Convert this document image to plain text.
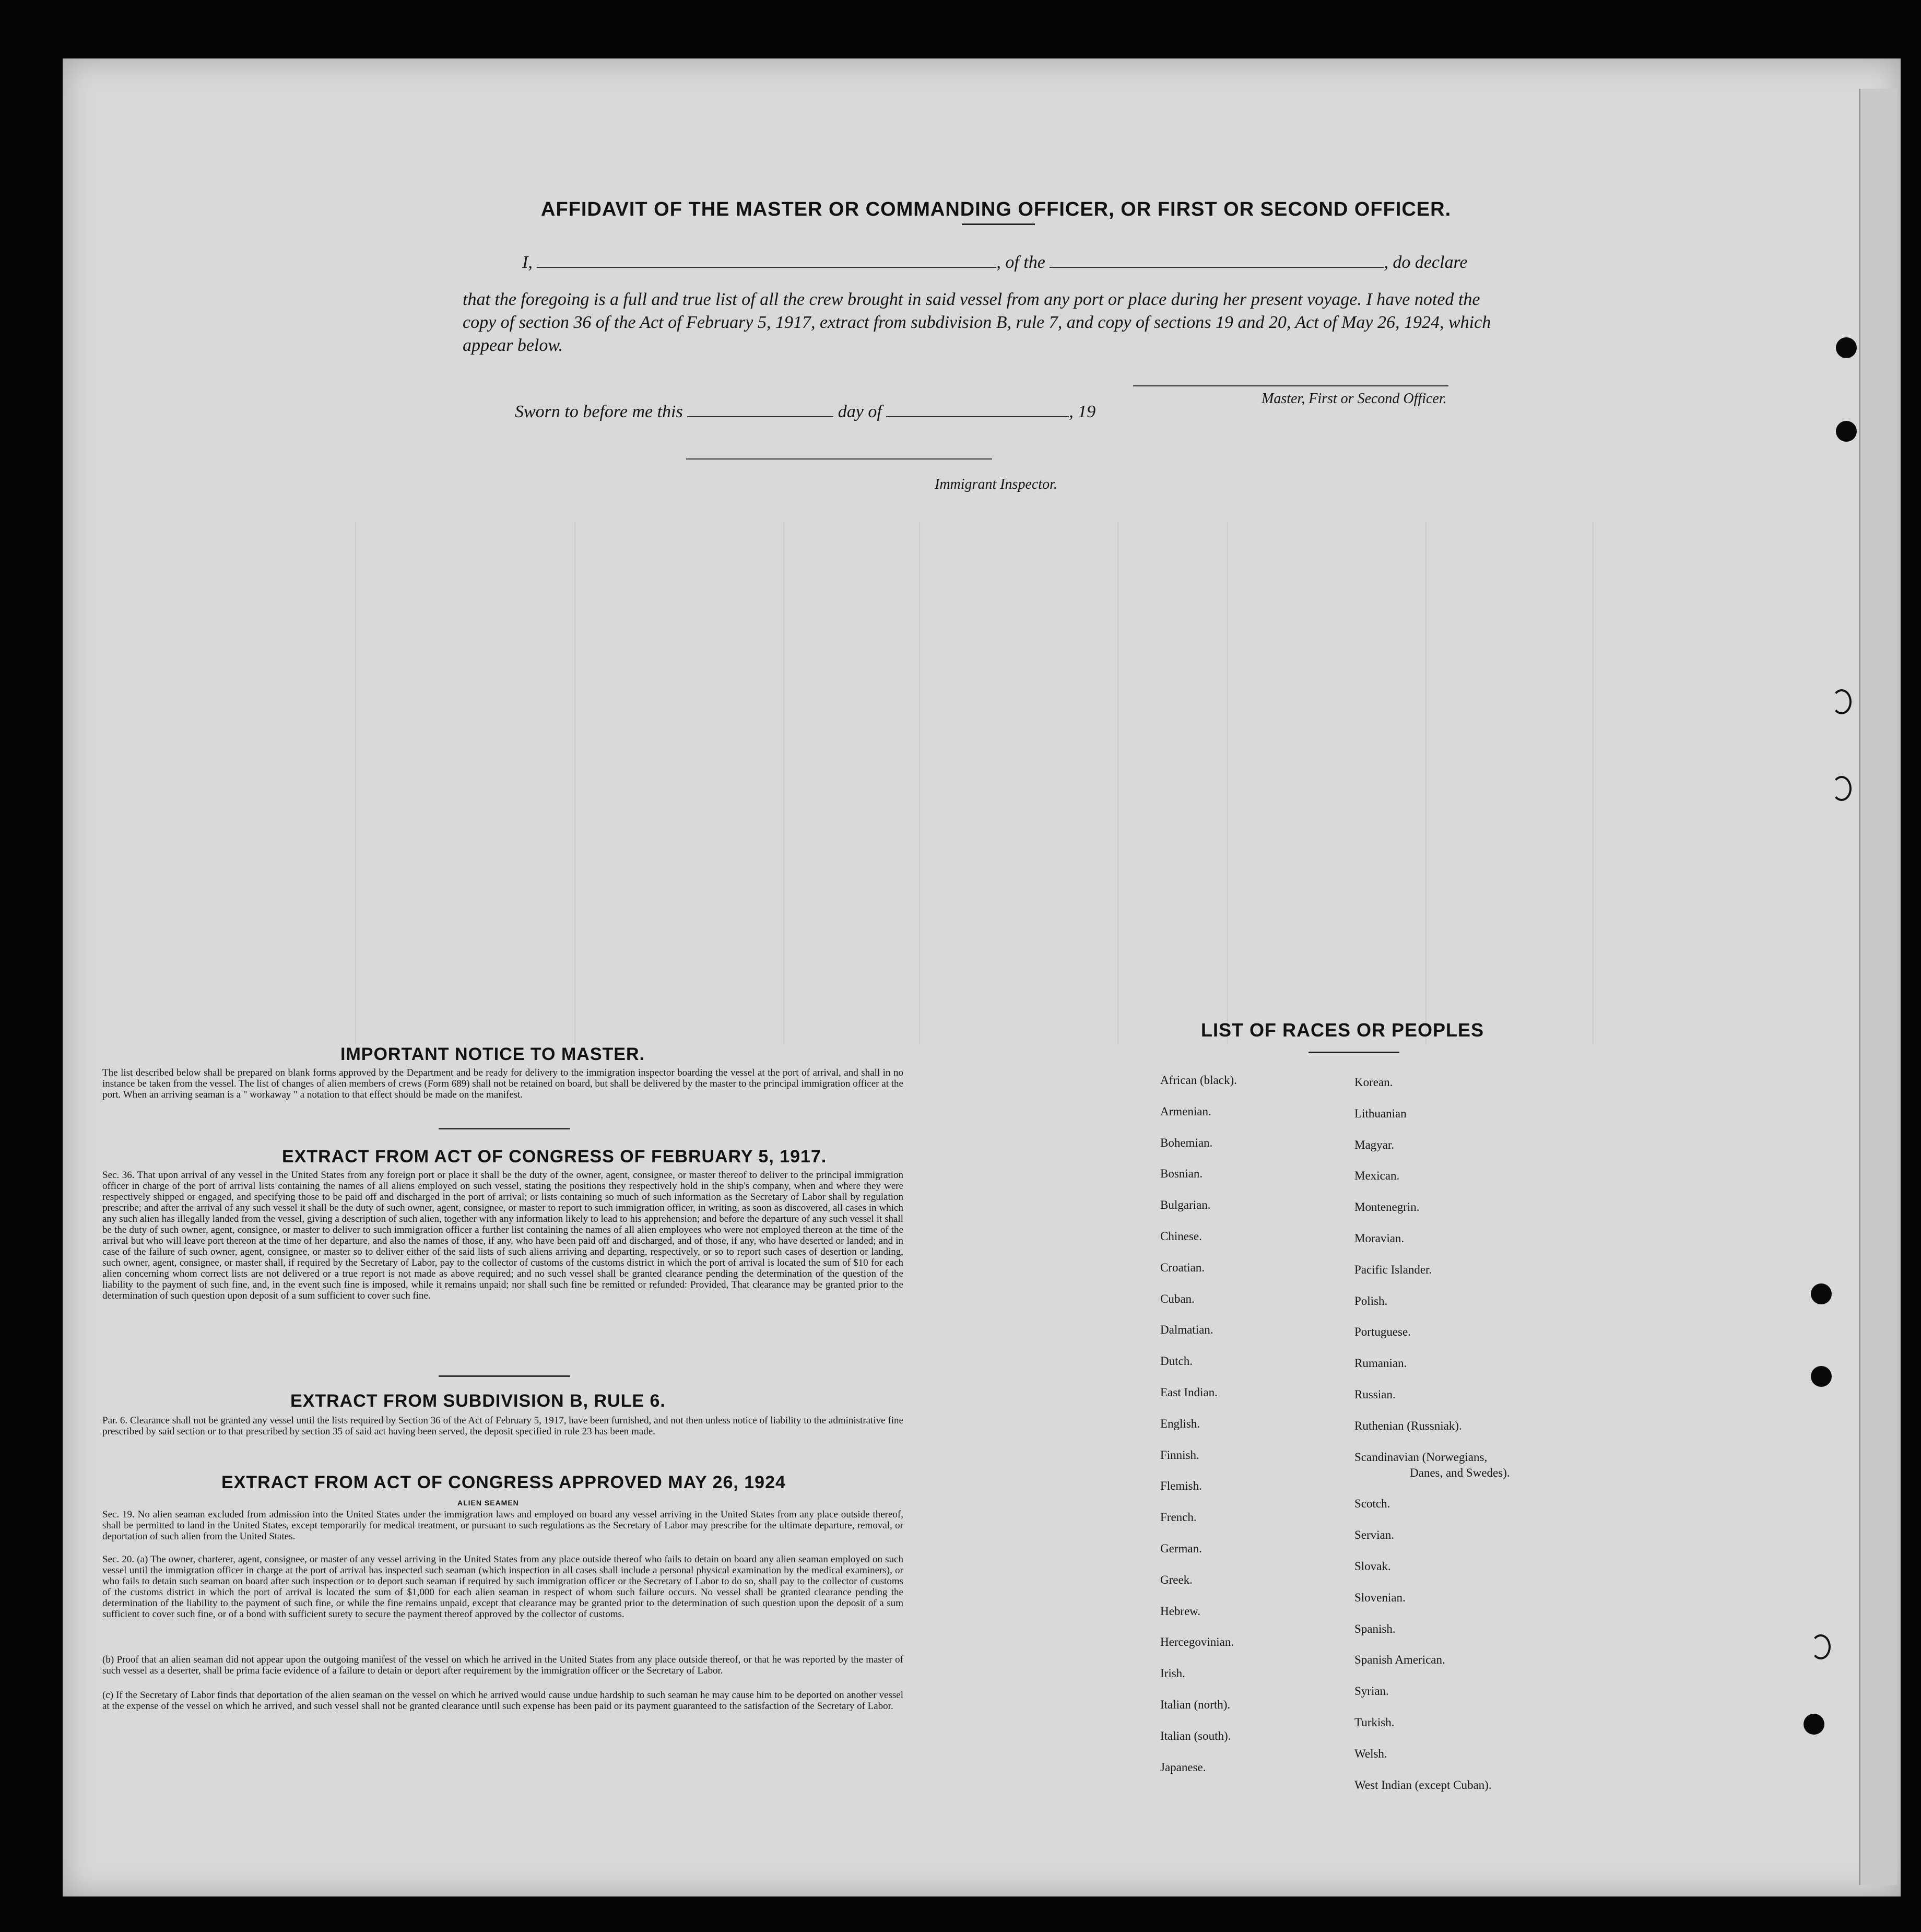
AFFIDAVIT OF THE MASTER OR COMMANDING OFFICER, OR FIRST OR SECOND OFFICER.
I,	, of the	, do declare
that the foregoing is a full and true list of all the crew brought in said vessel from any port or place during her present voyage. I have noted the copy of section 36 of the Act of February 5, 1917, extract from subdivision B, rule 7, and copy of sections 19 and 20, Act of May 26, 1924, which appear below.
Master, First or Second Officer.
Sworn to before me this	day of	, 19
Immigrant Inspector.
IMPORTANT NOTICE TO MASTER.
The list described below shall be prepared on blank forms approved by the Department and be ready for delivery to the immigration inspector boarding the vessel at the port of arrival, and shall in no instance be taken from the vessel. The list of changes of alien members of crews (Form 689) shall not be retained on board, but shall be delivered by the master to the principal immigration officer at the port. When an arriving seaman is a " workaway " a notation to that effect should be made on the manifest.
EXTRACT FROM ACT OF CONGRESS OF FEBRUARY 5, 1917.
Sec. 36. That upon arrival of any vessel in the United States from any foreign port or place it shall be the duty of the owner, agent, consignee, or master thereof to deliver to the principal immigration officer in charge of the port of arrival lists containing the names of all aliens employed on such vessel, stating the positions they respectively hold in the ship's company, when and where they were respectively shipped or engaged, and specifying those to be paid off and discharged in the port of arrival; or lists containing so much of such information as the Secretary of Labor shall by regulation prescribe; and after the arrival of any such vessel it shall be the duty of such owner, agent, consignee, or master to report to such immigration officer, in writing, as soon as discovered, all cases in which any such alien has illegally landed from the vessel, giving a description of such alien, together with any information likely to lead to his apprehension; and before the departure of any such vessel it shall be the duty of such owner, agent, consignee, or master to deliver to such immigration officer a further list containing the names of all alien employees who were not employed thereon at the time of the arrival but who will leave port thereon at the time of her departure, and also the names of those, if any, who have been paid off and discharged, and of those, if any, who have deserted or landed; and in case of the failure of such owner, agent, consignee, or master so to deliver either of the said lists of such aliens arriving and departing, respectively, or so to report such cases of desertion or landing, such owner, agent, consignee, or master shall, if required by the Secretary of Labor, pay to the collector of customs of the customs district in which the port of arrival is located the sum of $10 for each alien concerning whom correct lists are not delivered or a true report is not made as above required; and no such vessel shall be granted clearance pending the determination of the question of the liability to the payment of such fine, and, in the event such fine is imposed, while it remains unpaid; nor shall such fine be remitted or refunded: Provided, That clearance may be granted prior to the determination of such question upon deposit of a sum sufficient to cover such fine.
EXTRACT FROM SUBDIVISION B, RULE 6.
Par. 6. Clearance shall not be granted any vessel until the lists required by Section 36 of the Act of February 5, 1917, have been furnished, and not then unless notice of liability to the administrative fine prescribed by said section or to that prescribed by section 35 of said act having been served, the deposit specified in rule 23 has been made.
EXTRACT FROM ACT OF CONGRESS APPROVED MAY 26, 1924
ALIEN SEAMEN
Sec. 19. No alien seaman excluded from admission into the United States under the immigration laws and employed on board any vessel arriving in the United States from any place outside thereof, shall be permitted to land in the United States, except temporarily for medical treatment, or pursuant to such regulations as the Secretary of Labor may prescribe for the ultimate departure, removal, or deportation of such alien from the United States.
Sec. 20. (a) The owner, charterer, agent, consignee, or master of any vessel arriving in the United States from any place outside thereof who fails to detain on board any alien seaman employed on such vessel until the immigration officer in charge at the port of arrival has inspected such seaman (which inspection in all cases shall include a personal physical examination by the medical examiners), or who fails to detain such seaman on board after such inspection or to deport such seaman if required by such immigration officer or the Secretary of Labor to do so, shall pay to the collector of customs of the customs district in which the port of arrival is located the sum of $1,000 for each alien seaman in respect of whom such failure occurs. No vessel shall be granted clearance pending the determination of the liability to the payment of such fine, or while the fine remains unpaid, except that clearance may be granted prior to the determination of such question upon the deposit of a sum sufficient to cover such fine, or of a bond with sufficient surety to secure the payment thereof approved by the collector of customs.
(b) Proof that an alien seaman did not appear upon the outgoing manifest of the vessel on which he arrived in the United States from any place outside thereof, or that he was reported by the master of such vessel as a deserter, shall be prima facie evidence of a failure to detain or deport after requirement by the immigration officer or the Secretary of Labor.
(c) If the Secretary of Labor finds that deportation of the alien seaman on the vessel on which he arrived would cause undue hardship to such seaman he may cause him to be deported on another vessel at the expense of the vessel on which he arrived, and such vessel shall not be granted clearance until such expense has been paid or its payment guaranteed to the satisfaction of the Secretary of Labor.
LIST OF RACES OR PEOPLES
African (black).
Armenian.
Bohemian.
Bosnian.
Bulgarian.
Chinese.
Croatian.
Cuban.
Dalmatian.
Dutch.
East Indian.
English.
Finnish.
Flemish.
French.
German.
Greek.
Hebrew.
Hercegovinian.
Irish.
Italian (north).
Italian (south).
Japanese.
Korean.
Lithuanian
Magyar.
Mexican.
Montenegrin.
Moravian.
Pacific Islander.
Polish.
Portuguese.
Rumanian.
Russian.
Ruthenian (Russniak).
Scandinavian (Norwegians,
Danes, and Swedes).
Scotch.
Servian.
Slovak.
Slovenian.
Spanish.
Spanish American.
Syrian.
Turkish.
Welsh.
West Indian (except Cuban).
